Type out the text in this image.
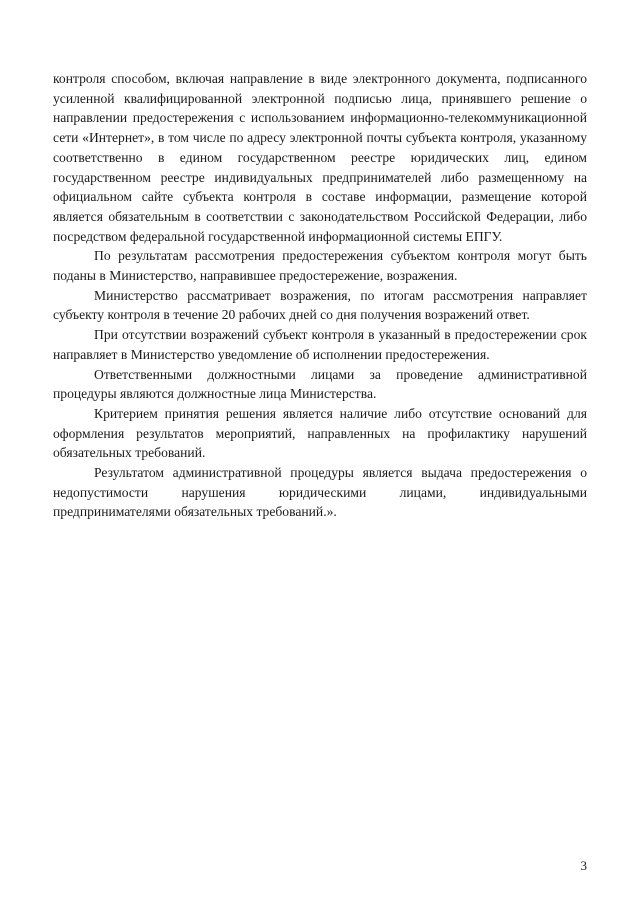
контроля способом, включая направление в виде электронного документа, подписанного усиленной квалифицированной электронной подписью лица, принявшего решение о направлении предостережения с использованием информационно-телекоммуникационной сети «Интернет», в том числе по адресу электронной почты субъекта контроля, указанному соответственно в едином государственном реестре юридических лиц, едином государственном реестре индивидуальных предпринимателей либо размещенному на официальном сайте субъекта контроля в составе информации, размещение которой является обязательным в соответствии с законодательством Российской Федерации, либо посредством федеральной государственной информационной системы ЕПГУ.

По результатам рассмотрения предостережения субъектом контроля могут быть поданы в Министерство, направившее предостережение, возражения.

Министерство рассматривает возражения, по итогам рассмотрения направляет субъекту контроля в течение 20 рабочих дней со дня получения возражений ответ.

При отсутствии возражений субъект контроля в указанный в предостережении срок направляет в Министерство уведомление об исполнении предостережения.

Ответственными должностными лицами за проведение административной процедуры являются должностные лица Министерства.

Критерием принятия решения является наличие либо отсутствие оснований для оформления результатов мероприятий, направленных на профилактику нарушений обязательных требований.

Результатом административной процедуры является выдача предостережения о недопустимости нарушения юридическими лицами, индивидуальными предпринимателями обязательных требований.».

3
